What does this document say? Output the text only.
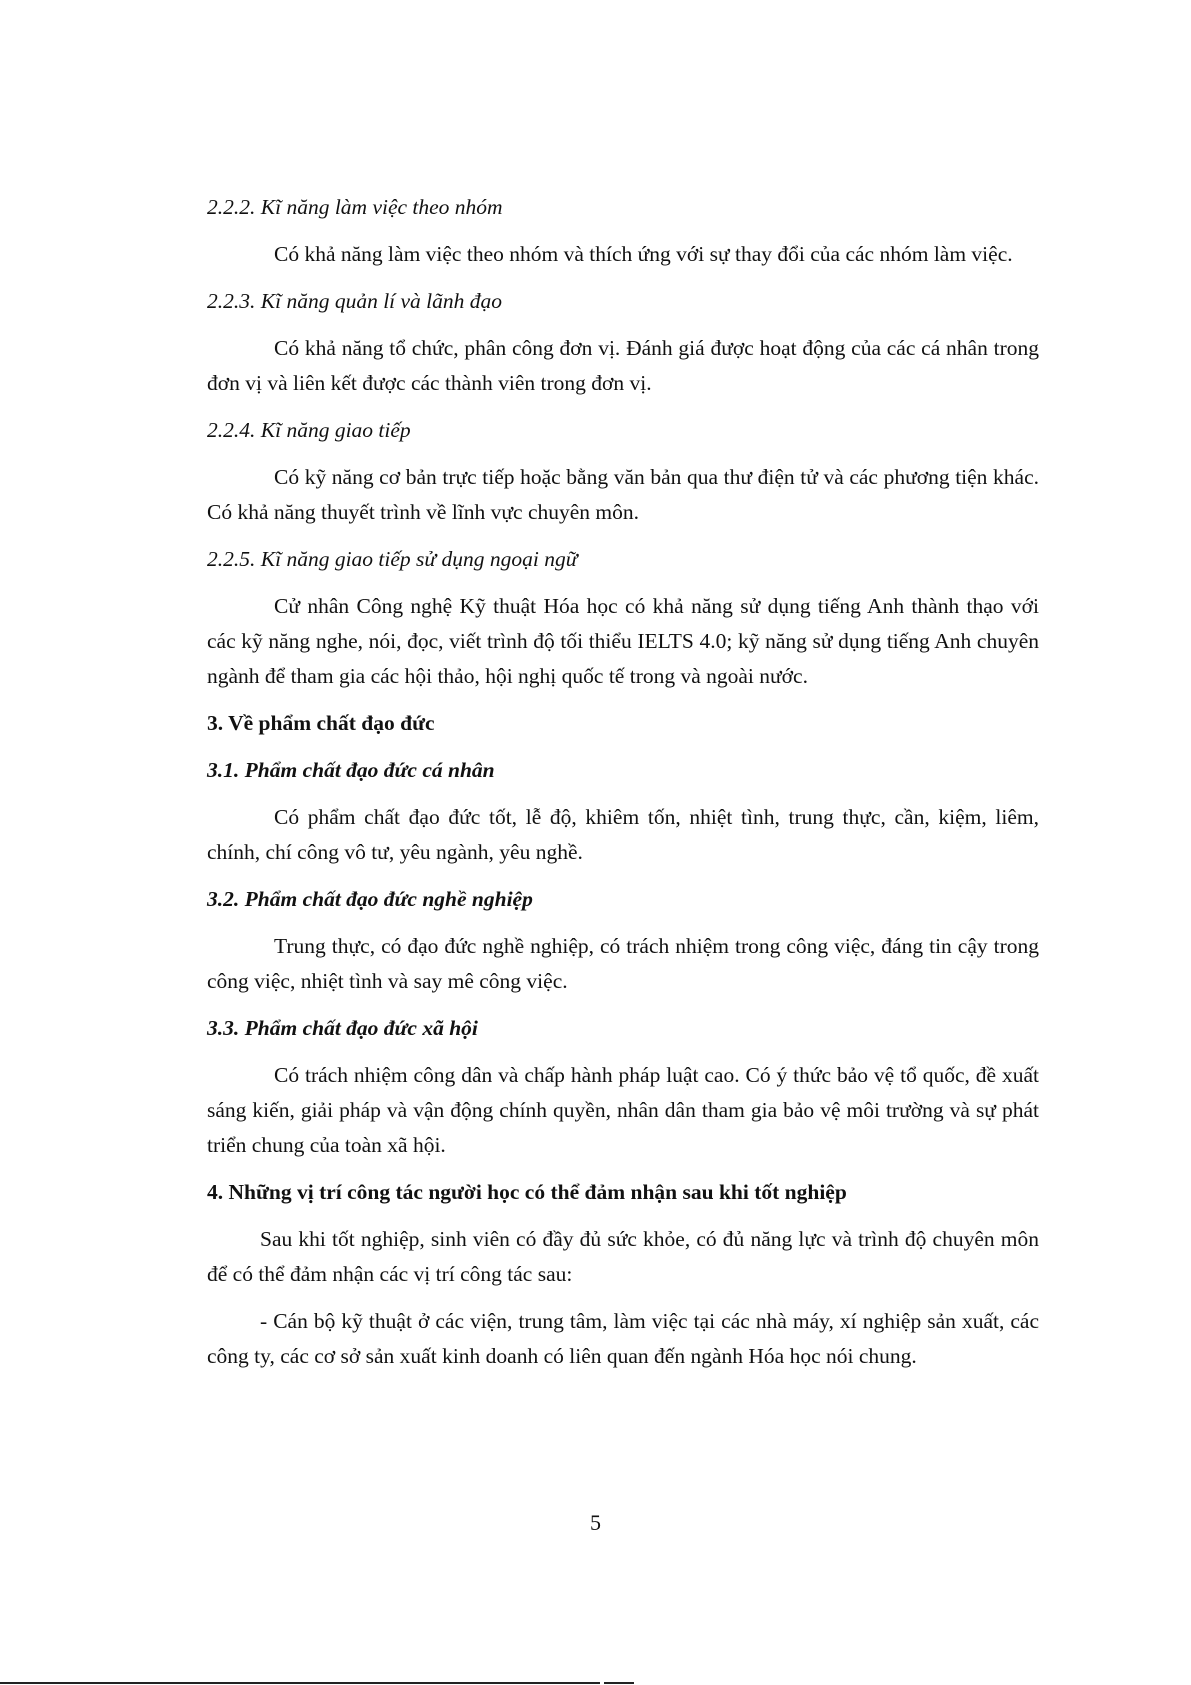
2.2.2. Kĩ năng làm việc theo nhóm

Có khả năng làm việc theo nhóm và thích ứng với sự thay đổi của các nhóm làm việc.

2.2.3. Kĩ năng quản lí và lãnh đạo

Có khả năng tổ chức, phân công đơn vị. Đánh giá được hoạt động của các cá nhân trong đơn vị và liên kết được các thành viên trong đơn vị.

2.2.4. Kĩ năng giao tiếp

Có kỹ năng cơ bản trực tiếp hoặc bằng văn bản qua thư điện tử và các phương tiện khác. Có khả năng thuyết trình về lĩnh vực chuyên môn.

2.2.5. Kĩ năng giao tiếp sử dụng ngoại ngữ

Cử nhân Công nghệ Kỹ thuật Hóa học có khả năng sử dụng tiếng Anh thành thạo với các kỹ năng nghe, nói, đọc, viết trình độ tối thiểu IELTS 4.0; kỹ năng sử dụng tiếng Anh chuyên ngành để tham gia các hội thảo, hội nghị quốc tế trong và ngoài nước.

3. Về phẩm chất đạo đức

3.1. Phẩm chất đạo đức cá nhân

Có phẩm chất đạo đức tốt, lễ độ, khiêm tốn, nhiệt tình, trung thực, cần, kiệm, liêm, chính, chí công vô tư, yêu ngành, yêu nghề.

3.2. Phẩm chất đạo đức nghề nghiệp

Trung thực, có đạo đức nghề nghiệp, có trách nhiệm trong công việc, đáng tin cậy trong công việc, nhiệt tình và say mê công việc.

3.3. Phẩm chất đạo đức xã hội

Có trách nhiệm công dân và chấp hành pháp luật cao. Có ý thức bảo vệ tổ quốc, đề xuất sáng kiến, giải pháp và vận động chính quyền, nhân dân tham gia bảo vệ môi trường và sự phát triển chung của toàn xã hội.

4. Những vị trí công tác người học có thể đảm nhận sau khi tốt nghiệp

Sau khi tốt nghiệp, sinh viên có đầy đủ sức khỏe, có đủ năng lực và trình độ chuyên môn để có thể đảm nhận các vị trí công tác sau:

- Cán bộ kỹ thuật ở các viện, trung tâm, làm việc tại các nhà máy, xí nghiệp sản xuất, các công ty, các cơ sở sản xuất kinh doanh có liên quan đến ngành Hóa học nói chung.

5
